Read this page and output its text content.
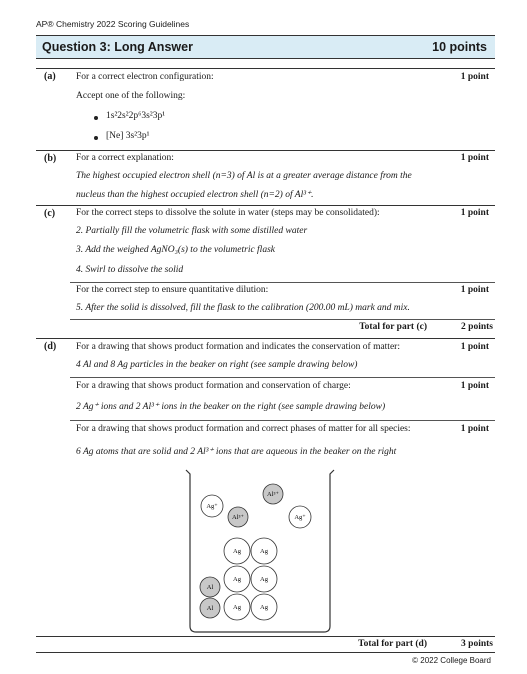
AP® Chemistry 2022 Scoring Guidelines
Question 3: Long Answer	10 points
(a) For a correct electron configuration:	1 point
Accept one of the following:
1s²2s²2p⁶3s²3p¹
[Ne] 3s²3p¹
(b) For a correct explanation:	1 point
The highest occupied electron shell (n=3) of Al is at a greater average distance from the
nucleus than the highest occupied electron shell (n=2) of Al³⁺.
(c) For the correct steps to dissolve the solute in water (steps may be consolidated):	1 point
2. Partially fill the volumetric flask with some distilled water
3. Add the weighed AgNO₃(s) to the volumetric flask
4. Swirl to dissolve the solid
For the correct step to ensure quantitative dilution:	1 point
5. After the solid is dissolved, fill the flask to the calibration (200.00 mL) mark and mix.
Total for part (c)	2 points
(d) For a drawing that shows product formation and indicates the conservation of matter:	1 point
4 Al and 8 Ag particles in the beaker on right (see sample drawing below)
For a drawing that shows product formation and conservation of charge:	1 point
2 Ag⁺ ions and 2 Al³⁺ ions in the beaker on the right (see sample drawing below)
For a drawing that shows product formation and correct phases of matter for all species:	1 point
6 Ag atoms that are solid and 2 Al³⁺ ions that are aqueous in the beaker on the right
Al³⁺
Ag⁺
Al³⁺	Ag⁺
Ag	Ag
Ag	Ag
Ag	Ag
Al
Al
Total for part (d)	3 points
© 2022 College Board
